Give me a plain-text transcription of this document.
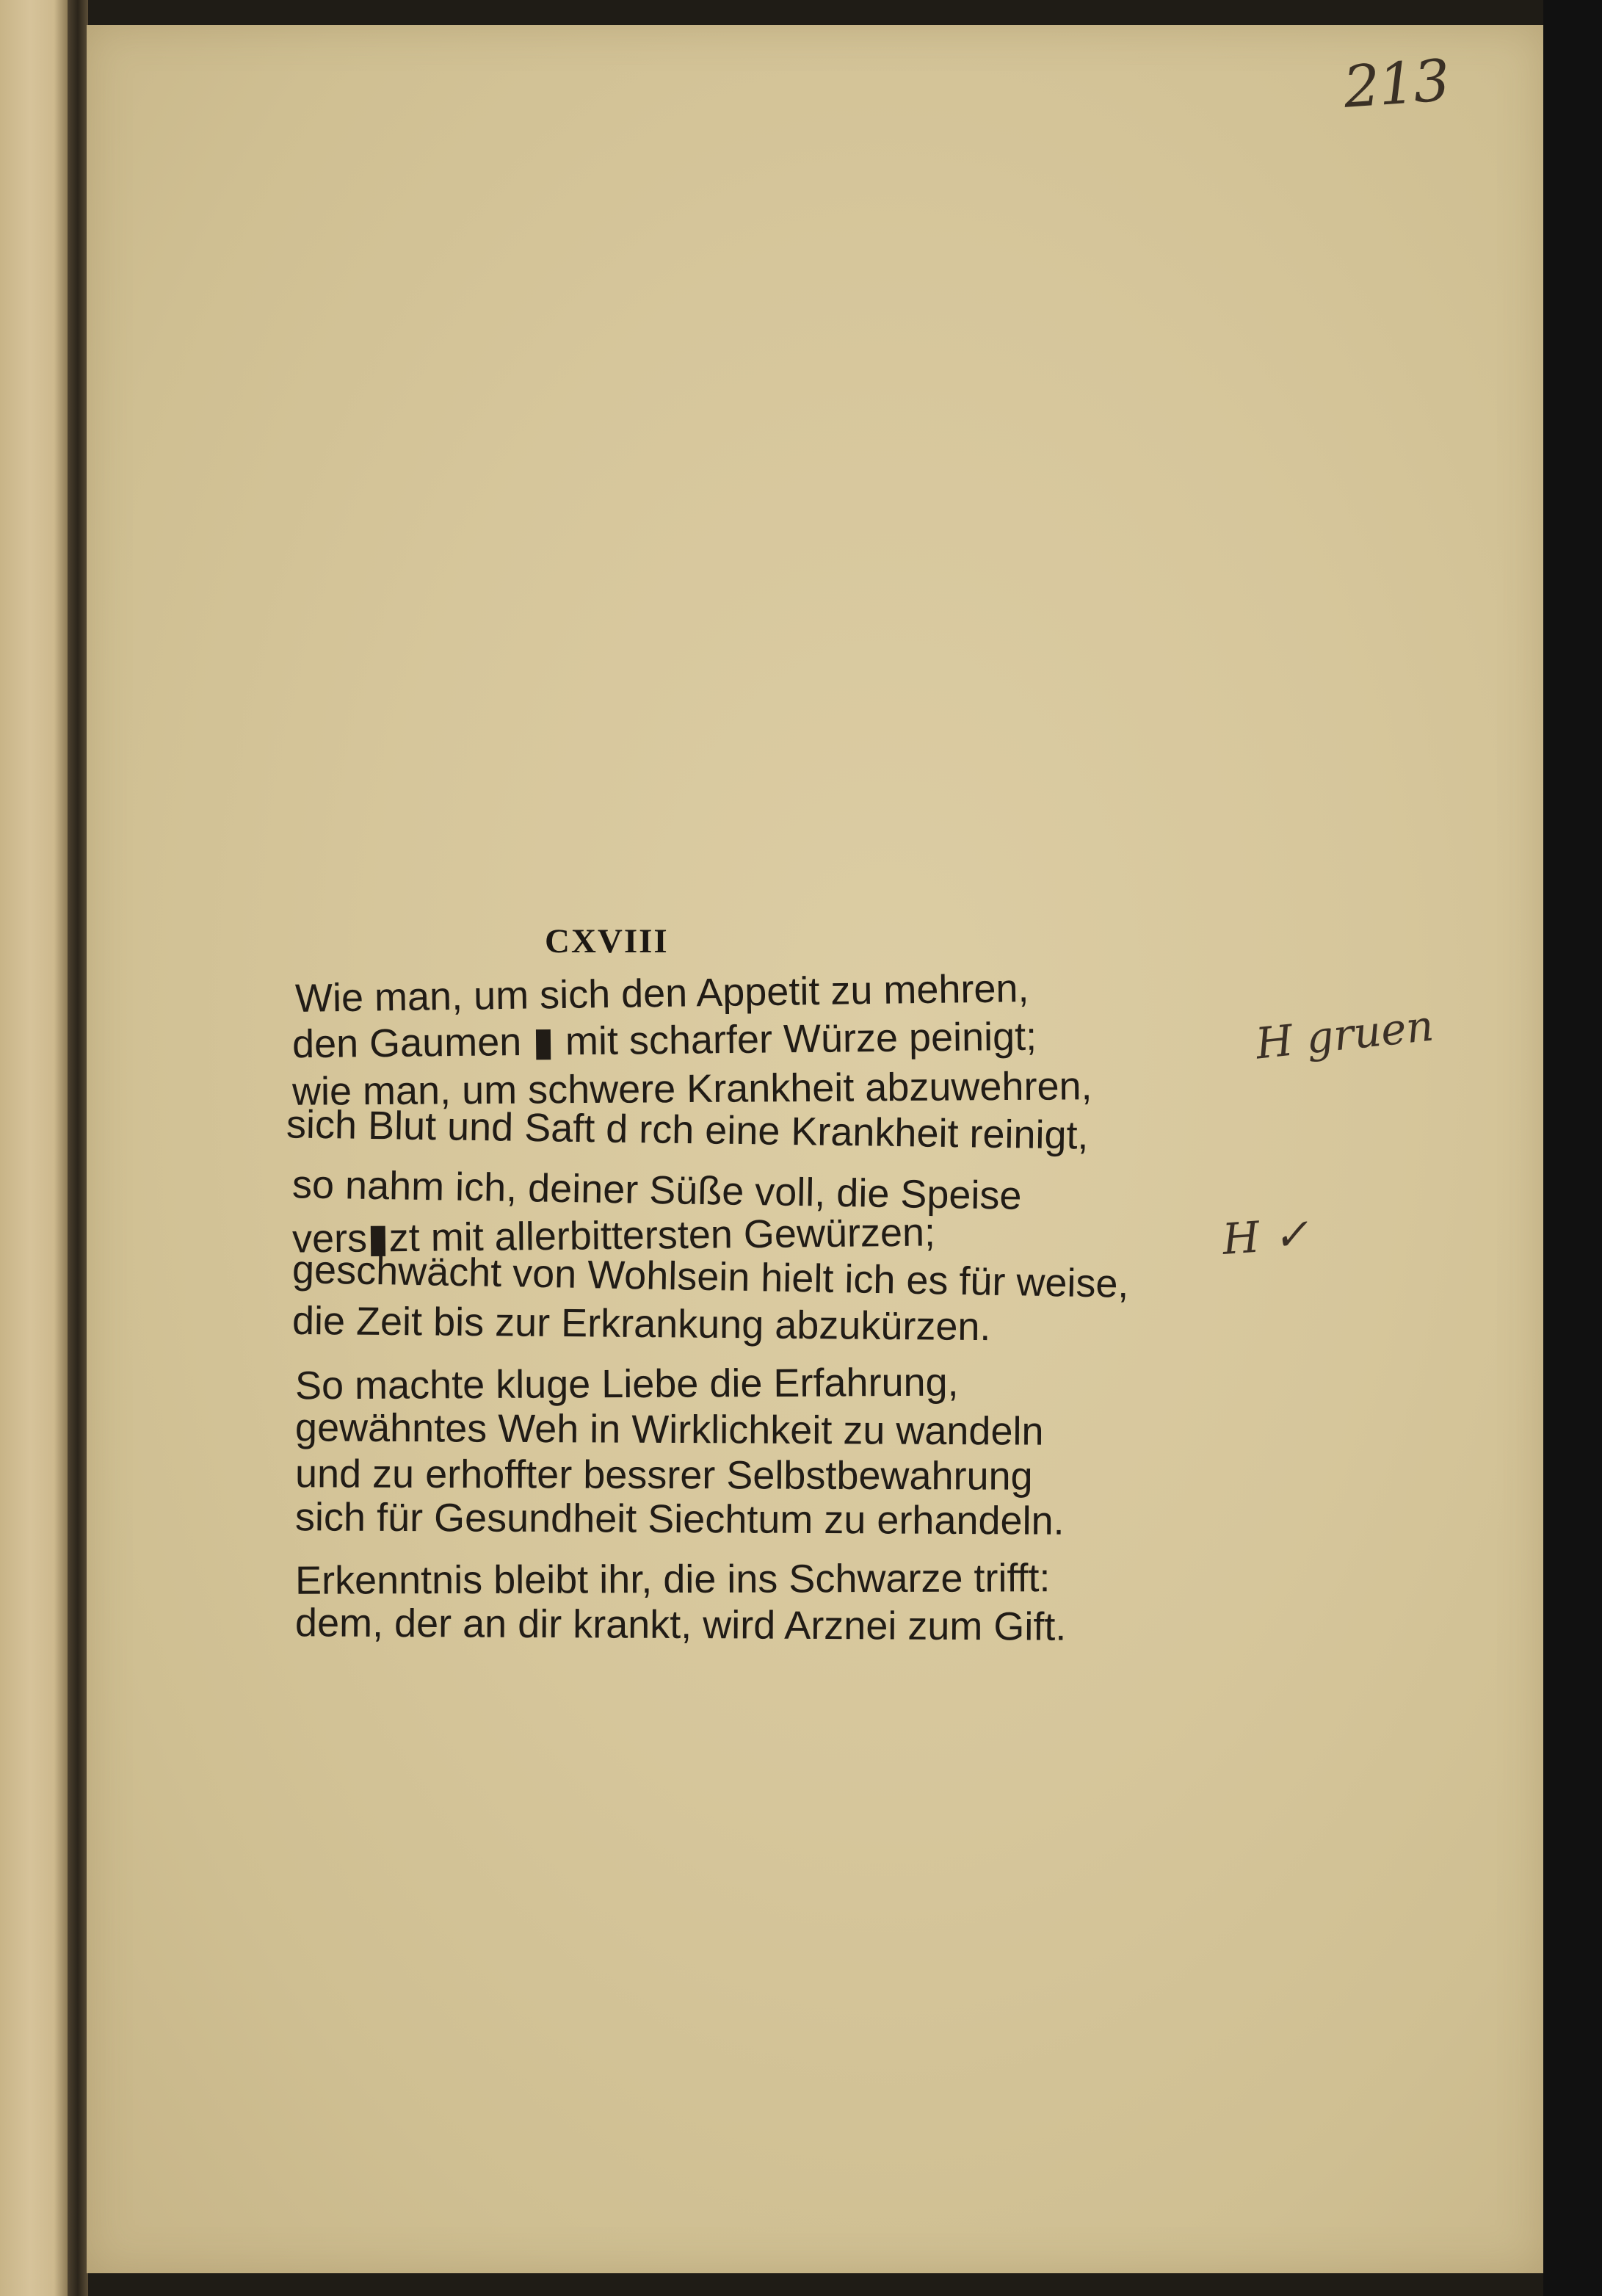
213
CXVIII
Wie man, um sich den Appetit zu mehren,
den Gaumen ▮ mit scharfer Würze peinigt;
wie man, um schwere Krankheit abzuwehren,
sich Blut und Saft d rch eine Krankheit reinigt,
so nahm ich, deiner Süße voll, die Speise
vers▮zt mit allerbittersten Gewürzen;
geschwächt von Wohlsein hielt ich es für weise,
die Zeit bis zur Erkrankung abzukürzen.
So machte kluge Liebe die Erfahrung,
gewähntes Weh in Wirklichkeit zu wandeln
und zu erhoffter bessrer Selbstbewahrung
sich für Gesundheit Siechtum zu erhandeln.
Erkenntnis bleibt ihr, die ins Schwarze trifft:
dem, der an dir krankt, wird Arznei zum Gift.
H gruen
H ✓
